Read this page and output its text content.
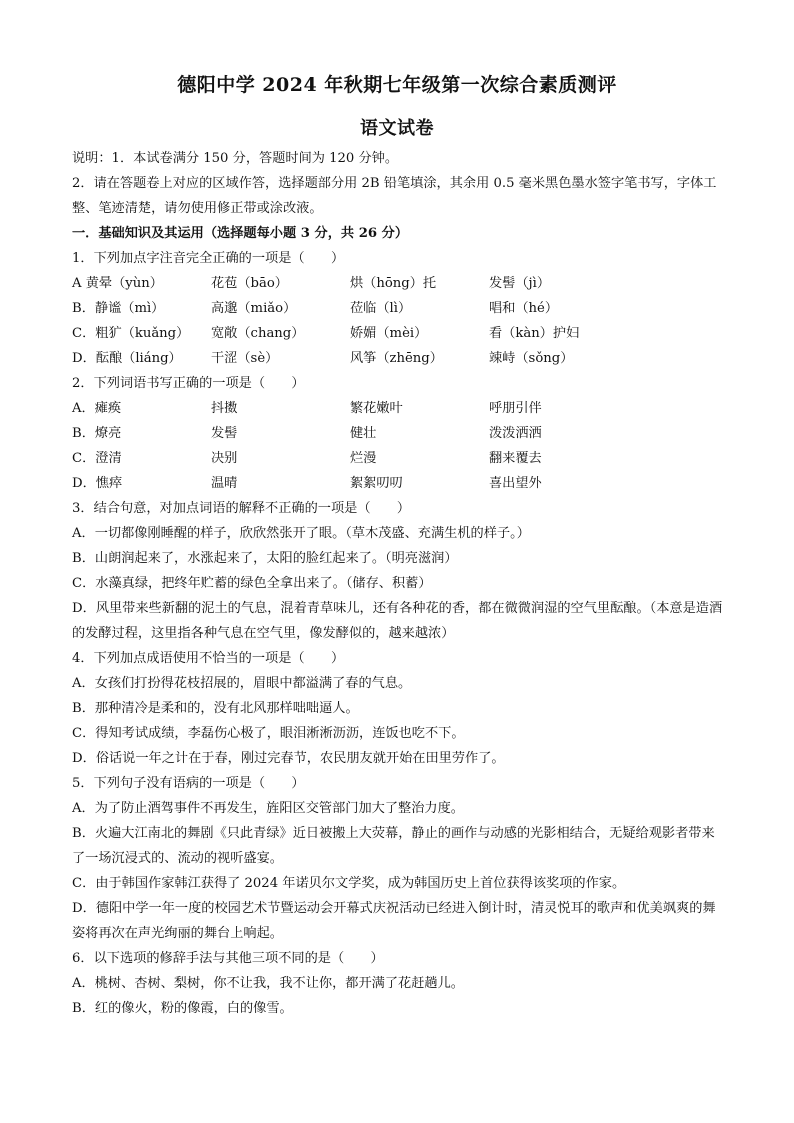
德阳中学 2024 年秋期七年级第一次综合素质测评
语文试卷
说明：1．本试卷满分 150 分，答题时间为 120 分钟。
2．请在答题卷上对应的区域作答，选择题部分用 2B 铅笔填涂，其余用 0.5 毫米黑色墨水签字笔书写，字体工整、笔迹清楚，请勿使用修正带或涂改液。
一．基础知识及其运用（选择题每小题 3 分，共 26 分）
1．下列加点字注音完全正确的一项是（　　）
A 黄晕（yùn）	花苞（bāo）	烘（hōng）托	发髻（jì）
B．静谧（mì）	高邈（miǎo）	莅临（lì）	唱和（hé）
C．粗犷（kuǎng）	宽敞（chang）	娇媚（mèi）	看（kàn）护妇
D．酝酿（liáng）	干涩（sè）	风筝（zhēng）	竦峙（sǒng）
2．下列词语书写正确的一项是（　　）
A．瘫痪	抖擞	繁花嫩叶	呼朋引伴
B．燎亮	发髻	健壮	泼泼洒洒
C．澄清	决别	烂漫	翻来覆去
D．憔瘁	温晴	絮絮叨叨	喜出望外
3．结合句意，对加点词语的解释不正确的一项是（　　）
A．一切都像刚睡醒的样子，欣欣然张开了眼。（草木茂盛、充满生机的样子。）
B．山朗润起来了，水涨起来了，太阳的脸红起来了。（明亮滋润）
C．水藻真绿，把终年贮蓄的绿色全拿出来了。（储存、积蓄）
D．风里带来些新翻的泥土的气息，混着青草味儿，还有各种花的香，都在微微润湿的空气里酝酿。（本意是造酒的发酵过程，这里指各种气息在空气里，像发酵似的，越来越浓）
4．下列加点成语使用不恰当的一项是（　　）
A．女孩们打扮得花枝招展的，眉眼中都溢满了春的气息。
B．那种清冷是柔和的，没有北风那样咄咄逼人。
C．得知考试成绩，李磊伤心极了，眼泪淅淅沥沥，连饭也吃不下。
D．俗话说一年之计在于春，刚过完春节，农民朋友就开始在田里劳作了。
5．下列句子没有语病的一项是（　　）
A．为了防止酒驾事件不再发生，旌阳区交管部门加大了整治力度。
B．火遍大江南北的舞剧《只此青绿》近日被搬上大荧幕，静止的画作与动感的光影相结合，无疑给观影者带来了一场沉浸式的、流动的视听盛宴。
C．由于韩国作家韩江获得了 2024 年诺贝尔文学奖，成为韩国历史上首位获得该奖项的作家。
D．德阳中学一年一度的校园艺术节暨运动会开幕式庆祝活动已经进入倒计时，清灵悦耳的歌声和优美飒爽的舞姿将再次在声光绚丽的舞台上响起。
6．以下选项的修辞手法与其他三项不同的是（　　）
A．桃树、杏树、梨树，你不让我，我不让你，都开满了花赶趟儿。
B．红的像火，粉的像霞，白的像雪。
